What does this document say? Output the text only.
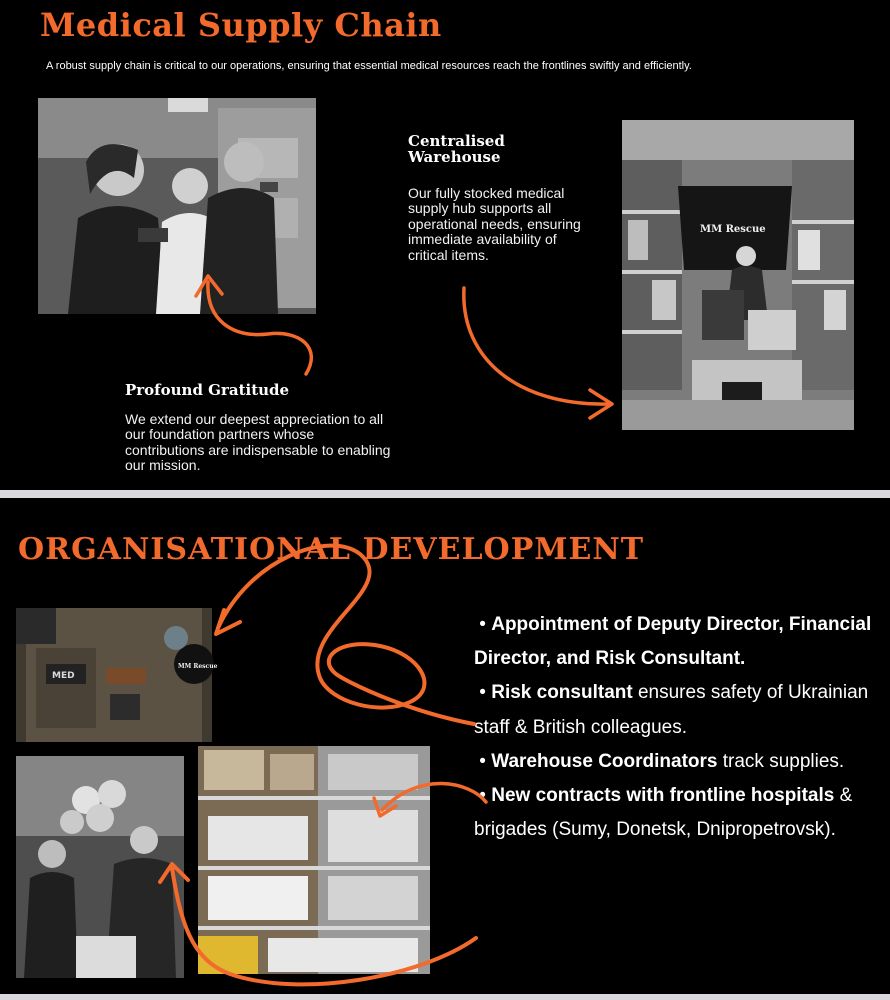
Medical Supply Chain

A robust supply chain is critical to our operations, ensuring that essential medical resources reach the frontlines swiftly and efficiently.

Centralised
Warehouse

Our fully stocked medical supply hub supports all operational needs, ensuring immediate availability of critical items.

MM Rescue
Profound Gratitude

We extend our deepest appreciation to all our foundation partners whose contributions are indispensable to enabling our mission.

ORGANISATIONAL DEVELOPMENT
MED
MM Rescue
• Appointment of Deputy Director, Financial Director, and Risk Consultant.
• Risk consultant ensures safety of Ukrainian staff & British colleagues.
• Warehouse Coordinators track supplies.
• New contracts with frontline hospitals & brigades (Sumy, Donetsk, Dnipropetrovsk).
